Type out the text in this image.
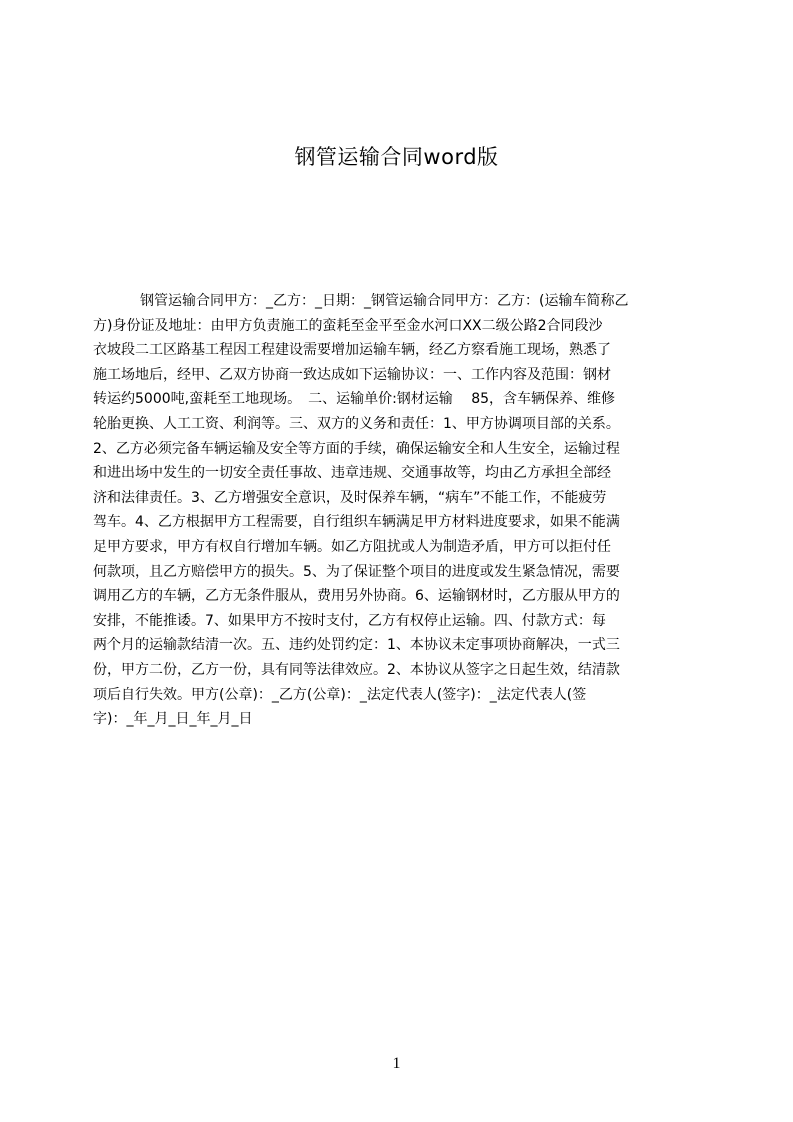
钢管运输合同word版
钢管运输合同甲方：_乙方：_日期：_钢管运输合同甲方：乙方：(运输车简称乙
方)身份证及地址：由甲方负责施工的蛮耗至金平至金水河口XX二级公路2合同段沙
衣坡段二工区路基工程因工程建设需要增加运输车辆，经乙方察看施工现场，熟悉了
施工场地后，经甲、乙双方协商一致达成如下运输协议：一、工作内容及范围：钢材
转运约5000吨,蛮耗至工地现场。　二、运输单价:钢材运输　 85，含车辆保养、维修
轮胎更换、人工工资、利润等。三、双方的义务和责任：1、甲方协调项目部的关系。
2、乙方必须完备车辆运输及安全等方面的手续，确保运输安全和人生安全，运输过程
和进出场中发生的一切安全责任事故、违章违规、交通事故等，均由乙方承担全部经
济和法律责任。3、乙方增强安全意识，及时保养车辆，“病车”不能工作，不能疲劳
驾车。4、乙方根据甲方工程需要，自行组织车辆满足甲方材料进度要求，如果不能满
足甲方要求，甲方有权自行增加车辆。如乙方阻扰或人为制造矛盾，甲方可以拒付任
何款项，且乙方赔偿甲方的损失。5、为了保证整个项目的进度或发生紧急情况，需要
调用乙方的车辆，乙方无条件服从，费用另外协商。6、运输钢材时，乙方服从甲方的
安排，不能推诿。7、如果甲方不按时支付，乙方有权停止运输。四、付款方式：每
两个月的运输款结清一次。五、违约处罚约定：1、本协议未定事项协商解决，一式三
份，甲方二份，乙方一份，具有同等法律效应。2、本协议从签字之日起生效，结清款
项后自行失效。甲方(公章)：_乙方(公章)：_法定代表人(签字)：_法定代表人(签
字)：_年_月_日_年_月_日
1
